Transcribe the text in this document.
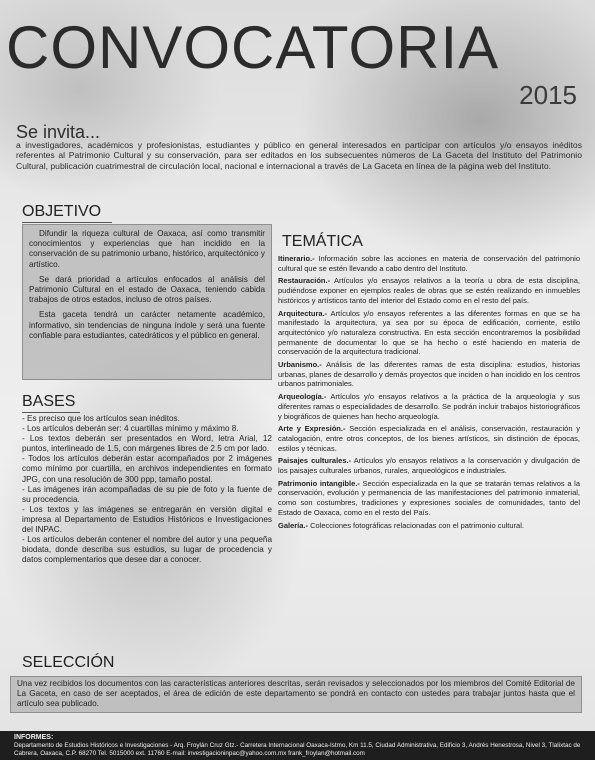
CONVOCATORIA
2015
Se invita...

a investigadores, académicos y profesionistas, estudiantes y público en general interesados en participar con artículos y/o ensayos inéditos referentes al Patrimonio Cultural y su conservación, para ser editados en los subsecuentes números de La Gaceta del Instituto del Patrimonio Cultural, publicación cuatrimestral de circulación local, nacional e internacional a través de La Gaceta en línea de la página web del Instituto.

OBJETIVO

Difundir la riqueza cultural de Oaxaca, así como transmitir conocimientos y experiencias que han incidido en la conservación de su patrimonio urbano, histórico, arquitectónico y artístico.

Se dará prioridad a artículos enfocados al análisis del Patrimonio Cultural en el estado de Oaxaca, teniendo cabida trabajos de otros estados, incluso de otros países.

Esta gaceta tendrá un carácter netamente académico, informativo, sin tendencias de ninguna índole y será una fuente confiable para estudiantes, catedráticos y el público en general.

BASES

- Es preciso que los artículos sean inéditos.

- Los artículos deberán ser: 4 cuartillas mínimo y máximo 8.

- Los textos deberán ser presentados en Word, letra Arial, 12 puntos, interlineado de 1.5, con márgenes libres de 2.5 cm por lado.

- Todos los artículos deberán estar acompañados por 2 imágenes como mínimo por cuartilla, en archivos independientes en formato JPG, con una resolución de 300 ppp, tamaño postal.

- Las imágenes irán acompañadas de su pie de foto y la fuente de su procedencia.

- Los textos y las imágenes se entregarán en versión digital e impresa al Departamento de Estudios Históricos e Investigaciones del INPAC.

- Los artículos deberán contener el nombre del autor y una pequeña biodata, donde describa sus estudios, su lugar de procedencia y datos complementarios que desee dar a conocer.

TEMÁTICA

Itinerario.- Información sobre las acciones en materia de conservación del patrimonio cultural que se estén llevando a cabo dentro del Instituto.

Restauración.- Artículos y/o ensayos relativos a la teoría u obra de esta disciplina, pudiéndose exponer en ejemplos reales de obras que se estén realizando en inmuebles históricos y artísticos tanto del interior del Estado como en el resto del país.

Arquitectura.- Artículos y/o ensayos referentes a las diferentes formas en que se ha manifestado la arquitectura, ya sea por su época de edificación, corriente, estilo arquitectónico y/o naturaleza constructiva. En esta sección encontraremos la posibilidad permanente de documentar lo que se ha hecho o esté haciendo en materia de conservación de la arquitectura tradicional.

Urbanismo.- Análisis de las diferentes ramas de esta disciplina: estudios, historias urbanas, planes de desarrollo y demás proyectos que inciden o han incidido en los centros urbanos patrimoniales.

Arqueología.- Artículos y/o ensayos relativos a la práctica de la arqueología y sus diferentes ramas o especialidades de desarrollo. Se podrán incluir trabajos historiográficos y biográficos de quienes han hecho arqueología.

Arte y Expresión.- Sección especializada en el análisis, conservación, restauración y catalogación, entre otros conceptos, de los bienes artísticos, sin distinción de épocas, estilos y técnicas.

Paisajes culturales.- Artículos y/o ensayos relativos a la conservación y divulgación de los paisajes culturales urbanos, rurales, arqueológicos e industriales.

Patrimonio intangible.- Sección especializada en la que se tratarán temas relativos a la conservación, evolución y permanencia de las manifestaciones del patrimonio inmaterial, como son costumbres, tradiciones y expresiones sociales de comunidades, tanto del Estado de Oaxaca, como en el resto del País.

Galería.- Colecciones fotográficas relacionadas con el patrimonio cultural.

SELECCIÓN
Una vez recibidos los documentos con las características anteriores descritas, serán revisados y seleccionados por los miembros del Comité Editorial de La Gaceta, en caso de ser aceptados, el área de edición de este departamento se pondrá en contacto con ustedes para trabajar juntos hasta que el artículo sea publicado.
INFORMES:
Departamento de Estudios Históricos e Investigaciones - Arq. Froylán Cruz Gtz.- Carretera Internacional Oaxaca-Istmo, Km 11.5, Ciudad Administrativa, Edificio 3, Andrés Henestrosa, Nivel 3, Tlalixtac de Cabrera, Oaxaca, C.P. 68270 Tel. 5015000 ext. 11760 E-mail: investigacioninpac@yahoo.com.mx frank_froylan@hotmail.com
